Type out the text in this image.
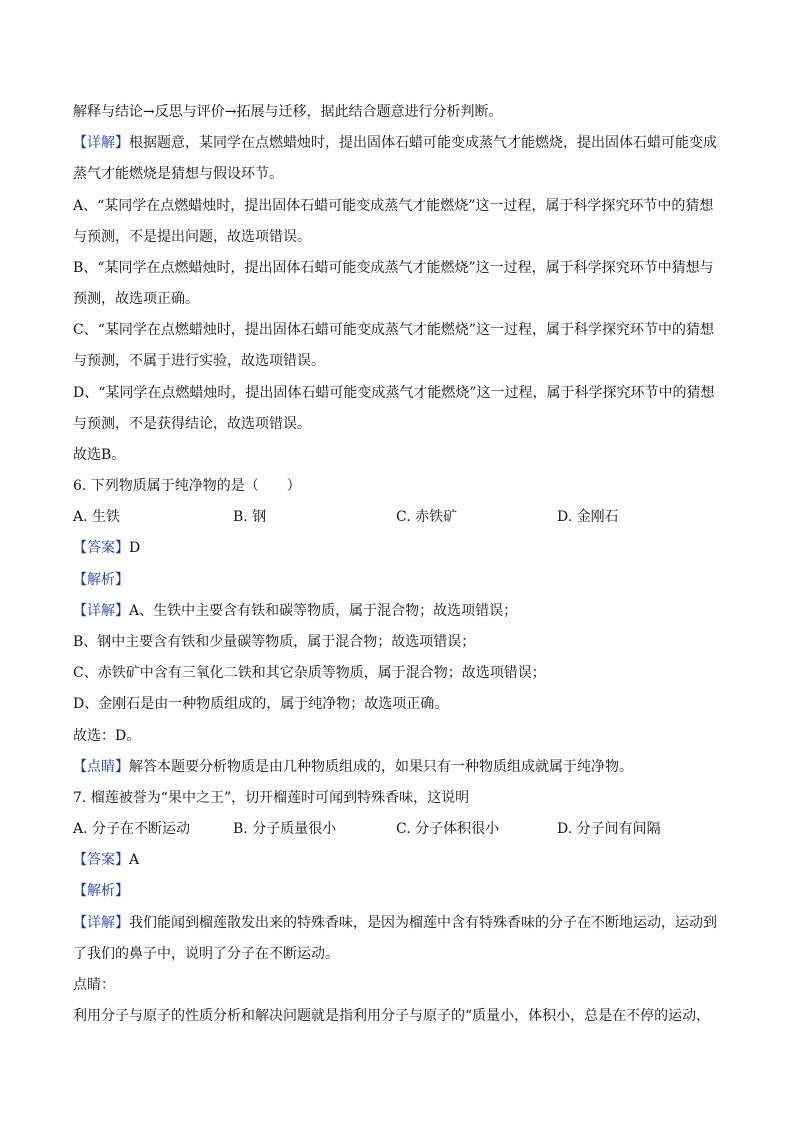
解释与结论→反思与评价→拓展与迁移，据此结合题意进行分析判断。
【详解】根据题意，某同学在点燃蜡烛时，提出固体石蜡可能变成蒸气才能燃烧，提出固体石蜡可能变成
蒸气才能燃烧是猜想与假设环节。
A、“某同学在点燃蜡烛时，提出固体石蜡可能变成蒸气才能燃烧”这一过程，属于科学探究环节中的猜想
与预测，不是提出问题，故选项错误。
B、“某同学在点燃蜡烛时，提出固体石蜡可能变成蒸气才能燃烧”这一过程，属于科学探究环节中猜想与
预测，故选项正确。
C、“某同学在点燃蜡烛时，提出固体石蜡可能变成蒸气才能燃烧”这一过程，属于科学探究环节中的猜想
与预测，不属于进行实验，故选项错误。
D、“某同学在点燃蜡烛时，提出固体石蜡可能变成蒸气才能燃烧”这一过程，属于科学探究环节中的猜想
与预测，不是获得结论，故选项错误。
故选B。
6. 下列物质属于纯净物的是（　　）
A. 生铁	B. 钢	C. 赤铁矿	D. 金刚石
【答案】D
【解析】
【详解】A、生铁中主要含有铁和碳等物质，属于混合物；故选项错误；
B、钢中主要含有铁和少量碳等物质，属于混合物；故选项错误；
C、赤铁矿中含有三氧化二铁和其它杂质等物质，属于混合物；故选项错误；
D、金刚石是由一种物质组成的，属于纯净物；故选项正确。
故选：D。
【点睛】解答本题要分析物质是由几种物质组成的，如果只有一种物质组成就属于纯净物。
7. 榴莲被誉为“果中之王”，切开榴莲时可闻到特殊香味，这说明
A. 分子在不断运动	B. 分子质量很小	C. 分子体积很小	D. 分子间有间隔
【答案】A
【解析】
【详解】我们能闻到榴莲散发出来的特殊香味，是因为榴莲中含有特殊香味的分子在不断地运动，运动到
了我们的鼻子中，说明了分子在不断运动。
点睛：
利用分子与原子的性质分析和解决问题就是指利用分子与原子的“质量小，体积小，总是在不停的运动，
